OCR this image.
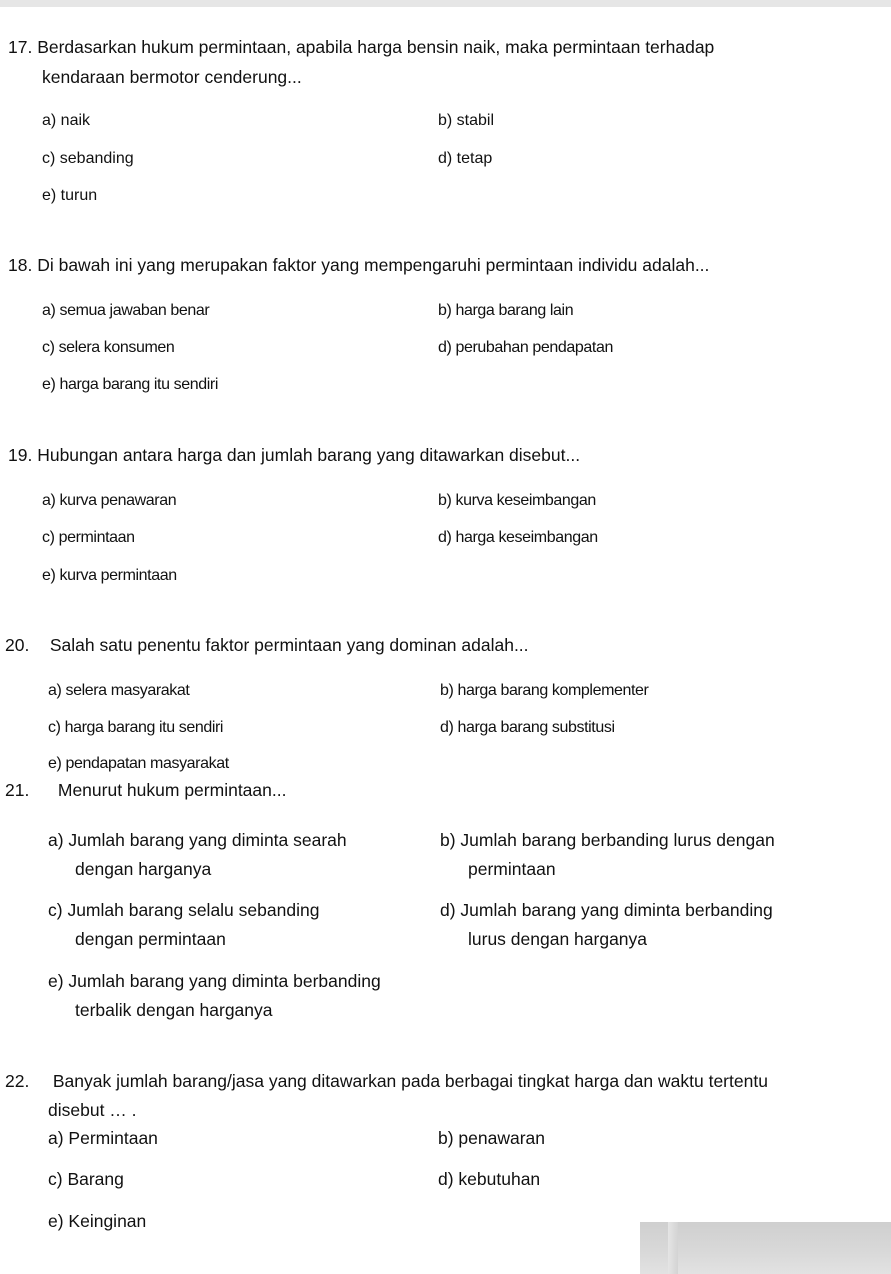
17. Berdasarkan hukum permintaan, apabila harga bensin naik, maka permintaan terhadap
kendaraan bermotor cenderung...
a) naik	b) stabil
c) sebanding	d) tetap
e) turun
18. Di bawah ini yang merupakan faktor yang mempengaruhi permintaan individu adalah...
a) semua jawaban benar	b) harga barang lain
c) selera konsumen	d) perubahan pendapatan
e) harga barang itu sendiri
19. Hubungan antara harga dan jumlah barang yang ditawarkan disebut...
a) kurva penawaran	b) kurva keseimbangan
c) permintaan	d) harga keseimbangan
e) kurva permintaan
20. Salah satu penentu faktor permintaan yang dominan adalah...
a) selera masyarakat	b) harga barang komplementer
c) harga barang itu sendiri	d) harga barang substitusi
e) pendapatan masyarakat
21. Menurut hukum permintaan...
a) Jumlah barang yang diminta searah
dengan harganya
b) Jumlah barang berbanding lurus dengan
permintaan
c) Jumlah barang selalu sebanding
dengan permintaan
d) Jumlah barang yang diminta berbanding
lurus dengan harganya
e) Jumlah barang yang diminta berbanding
terbalik dengan harganya
22. Banyak jumlah barang/jasa yang ditawarkan pada berbagai tingkat harga dan waktu tertentu
disebut … .
a) Permintaan	b) penawaran
c) Barang	d) kebutuhan
e) Keinginan
